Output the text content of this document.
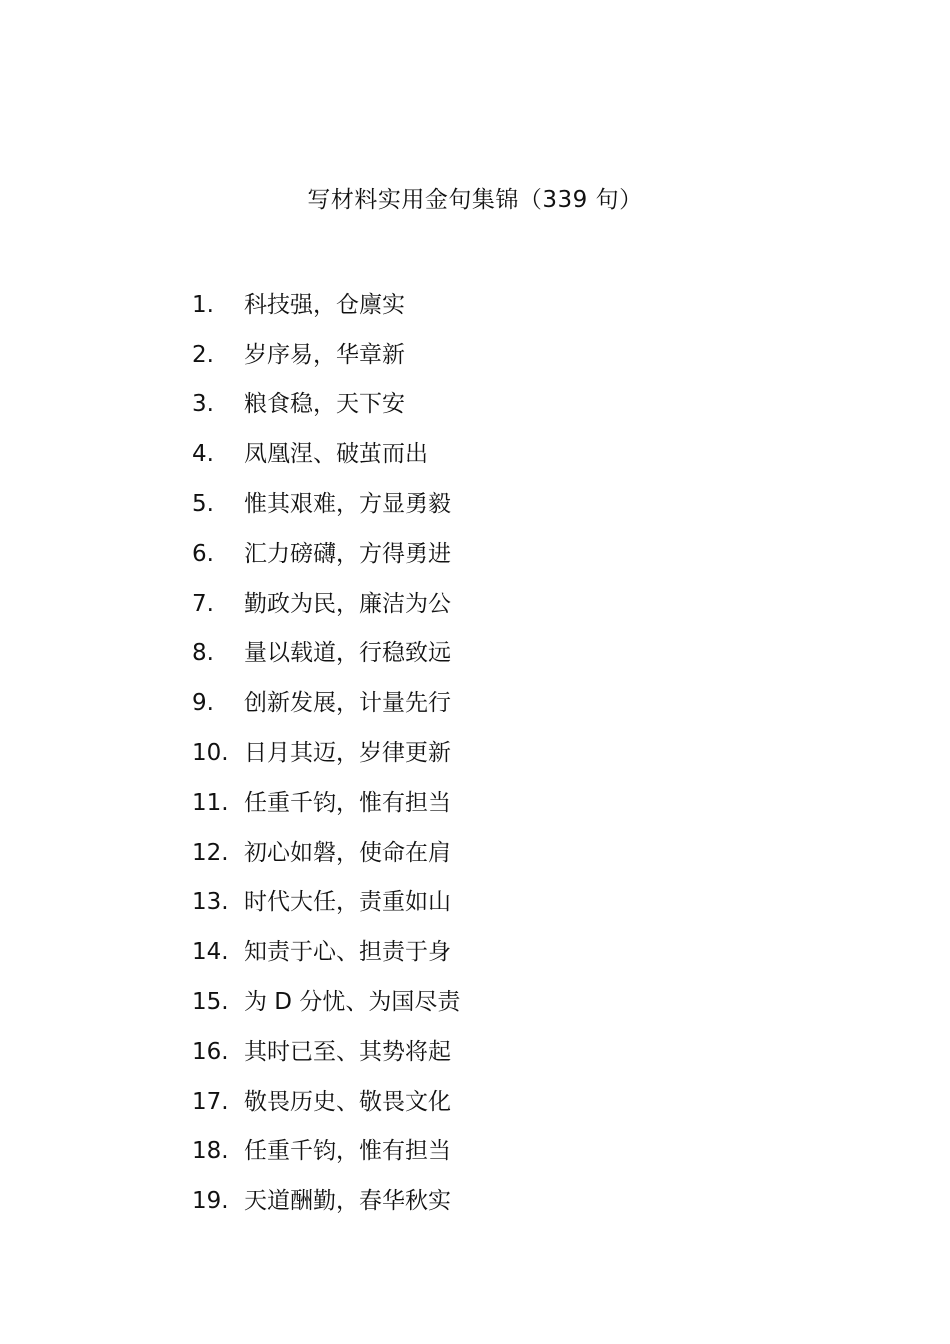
写材料实用金句集锦（339 句）
1.	科技强，仓廪实
2.	岁序易，华章新
3.	粮食稳，天下安
4.	凤凰涅、破茧而出
5.	惟其艰难，方显勇毅
6.	汇力磅礴，方得勇进
7.	勤政为民，廉洁为公
8.	量以载道，行稳致远
9.	创新发展，计量先行
10. 日月其迈，岁律更新
11. 任重千钧，惟有担当
12. 初心如磐，使命在肩
13. 时代大任，责重如山
14. 知责于心、担责于身
15. 为 D 分忧、为国尽责
16. 其时已至、其势将起
17. 敬畏历史、敬畏文化
18. 任重千钧，惟有担当
19. 天道酬勤，春华秋实
